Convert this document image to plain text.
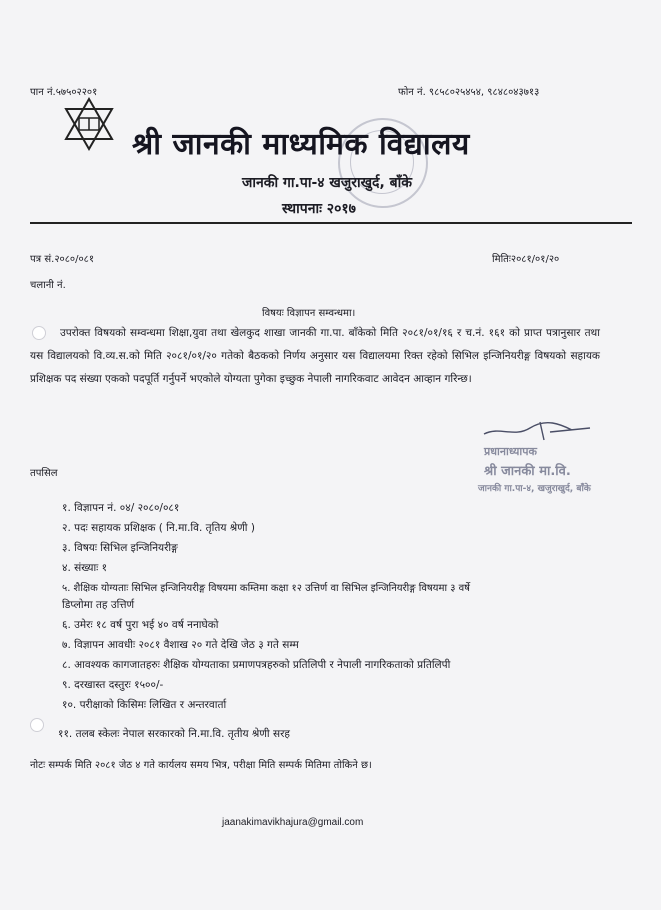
पान नं.५७५०२२०१	फोन नं. ९८५८०२५४५४, ९८४८०४३७१३
श्री जानकी माध्यमिक विद्यालय
जानकी गा.पा-४ खजुराखुर्द, बाँके
स्थापनाः २०१७
पत्र सं.२०८०/०८१	मितिः२०८१/०१/२०
चलानी नं.
विषयः विज्ञापन सम्वन्धमा।
उपरोक्त विषयको सम्वन्धमा शिक्षा,युवा तथा खेलकुद शाखा जानकी गा.पा. बाँकेको मिति २०८१/०१/१६ र च.नं. १६१ को प्राप्त पत्रानुसार तथा यस विद्यालयको वि.व्य.स.को मिति २०८१/०१/२० गतेको बैठकको निर्णय अनुसार यस विद्यालयमा रिक्त रहेको सिभिल इन्जिनियरीङ्ग विषयको सहायक प्रशिक्षक पद संख्या एकको पदपूर्ति गर्नुपर्ने भएकोले योग्यता पुगेका इच्छुक नेपाली नागरिकवाट आवेदन आव्हान गरिन्छ।
प्रधानाध्यापक
श्री जानकी मा.वि.
जानकी गा.पा-४, खजुराखुर्द, बाँके
तपसिल
१. विज्ञापन नं. ०४/ २०८०/०८१
२. पदः सहायक प्रशिक्षक ( नि.मा.वि. तृतिय श्रेणी )
३. विषयः सिभिल इन्जिनियरीङ्ग
४. संख्याः १
५. शैक्षिक योग्यताः सिभिल इन्जिनियरीङ्ग विषयमा कम्तिमा कक्षा १२ उत्तिर्ण वा सिभिल इन्जिनियरीङ्ग विषयमा ३ वर्षे
डिप्लोमा तह उत्तिर्ण
६. उमेरः १८ वर्ष पुरा भई ४० वर्ष ननाघेको
७. विज्ञापन आवधीः २०८१ वैशाख २० गते देखि जेठ ३ गते सम्म
८. आवश्यक कागजातहरुः शैक्षिक योग्यताका प्रमाणपत्रहरुको प्रतिलिपी र नेपाली नागरिकताको प्रतिलिपी
९. दरखास्त दस्तुरः १५००/-
१०. परीक्षाको किसिमः लिखित र अन्तरवार्ता
११. तलब स्केलः नेपाल सरकारको नि.मा.वि. तृतीय श्रेणी सरह
नोटः सम्पर्क मिति २०८१ जेठ ४ गते कार्यलय समय भित्र, परीक्षा मिति सम्पर्क मितिमा तोकिने छ।
jaanakimavikhajura@gmail.com
